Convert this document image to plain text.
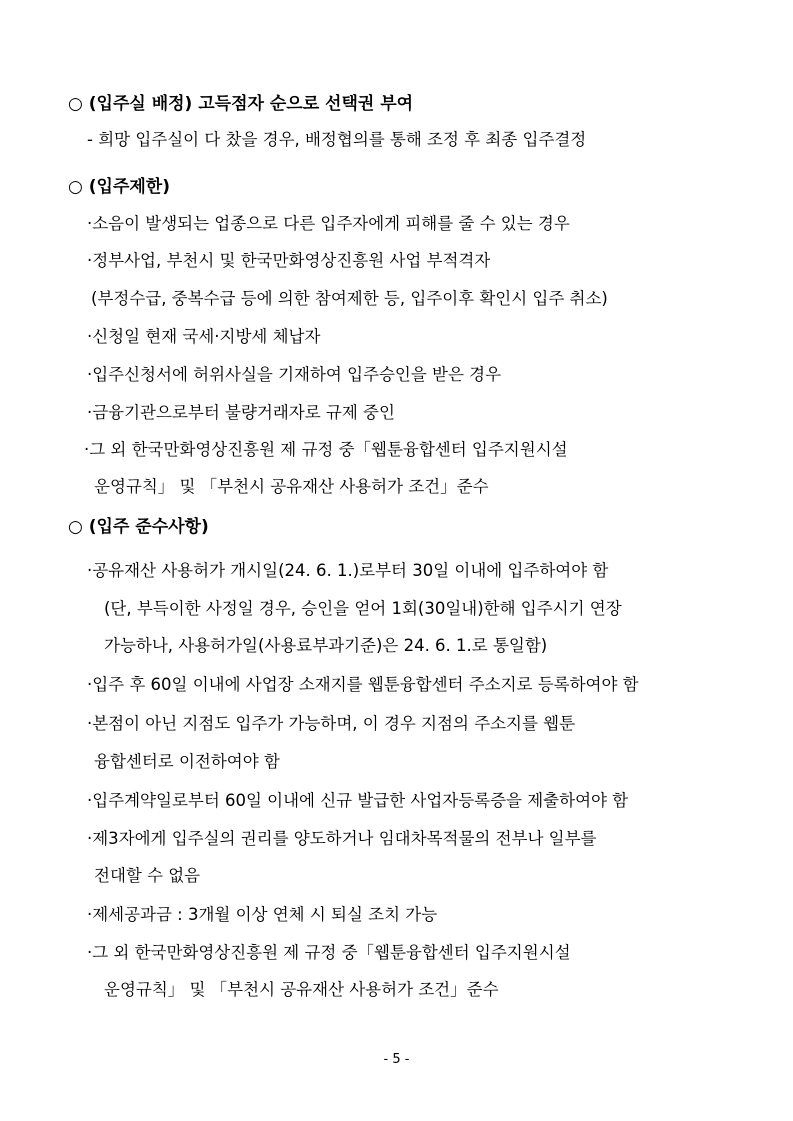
○ (입주실 배정) 고득점자 순으로 선택권 부여
- 희망 입주실이 다 찼을 경우, 배정협의를 통해 조정 후 최종 입주결정
○ (입주제한)
·소음이 발생되는 업종으로 다른 입주자에게 피해를 줄 수 있는 경우
·정부사업, 부천시 및 한국만화영상진흥원 사업 부적격자
(부정수급, 중복수급 등에 의한 참여제한 등, 입주이후 확인시 입주 취소)
·신청일 현재 국세·지방세 체납자
·입주신청서에 허위사실을 기재하여 입주승인을 받은 경우
·금융기관으로부터 불량거래자로 규제 중인
·그 외 한국만화영상진흥원 제 규정 중「웹툰융합센터 입주지원시설
운영규칙」 및 「부천시 공유재산 사용허가 조건」준수
○ (입주 준수사항)
·공유재산 사용허가 개시일(24. 6. 1.)로부터 30일 이내에 입주하여야 함
(단, 부득이한 사정일 경우, 승인을 얻어 1회(30일내)한해 입주시기 연장
가능하나, 사용허가일(사용료부과기준)은 24. 6. 1.로 통일함)
·입주 후 60일 이내에 사업장 소재지를 웹툰융합센터 주소지로 등록하여야 함
·본점이 아닌 지점도 입주가 가능하며, 이 경우 지점의 주소지를 웹툰
융합센터로 이전하여야 함
·입주계약일로부터 60일 이내에 신규 발급한 사업자등록증을 제출하여야 함
·제3자에게 입주실의 권리를 양도하거나 임대차목적물의 전부나 일부를
전대할 수 없음
·제세공과금 : 3개월 이상 연체 시 퇴실 조치 가능
·그 외 한국만화영상진흥원 제 규정 중「웹툰융합센터 입주지원시설
운영규칙」 및 「부천시 공유재산 사용허가 조건」준수
- 5 -
